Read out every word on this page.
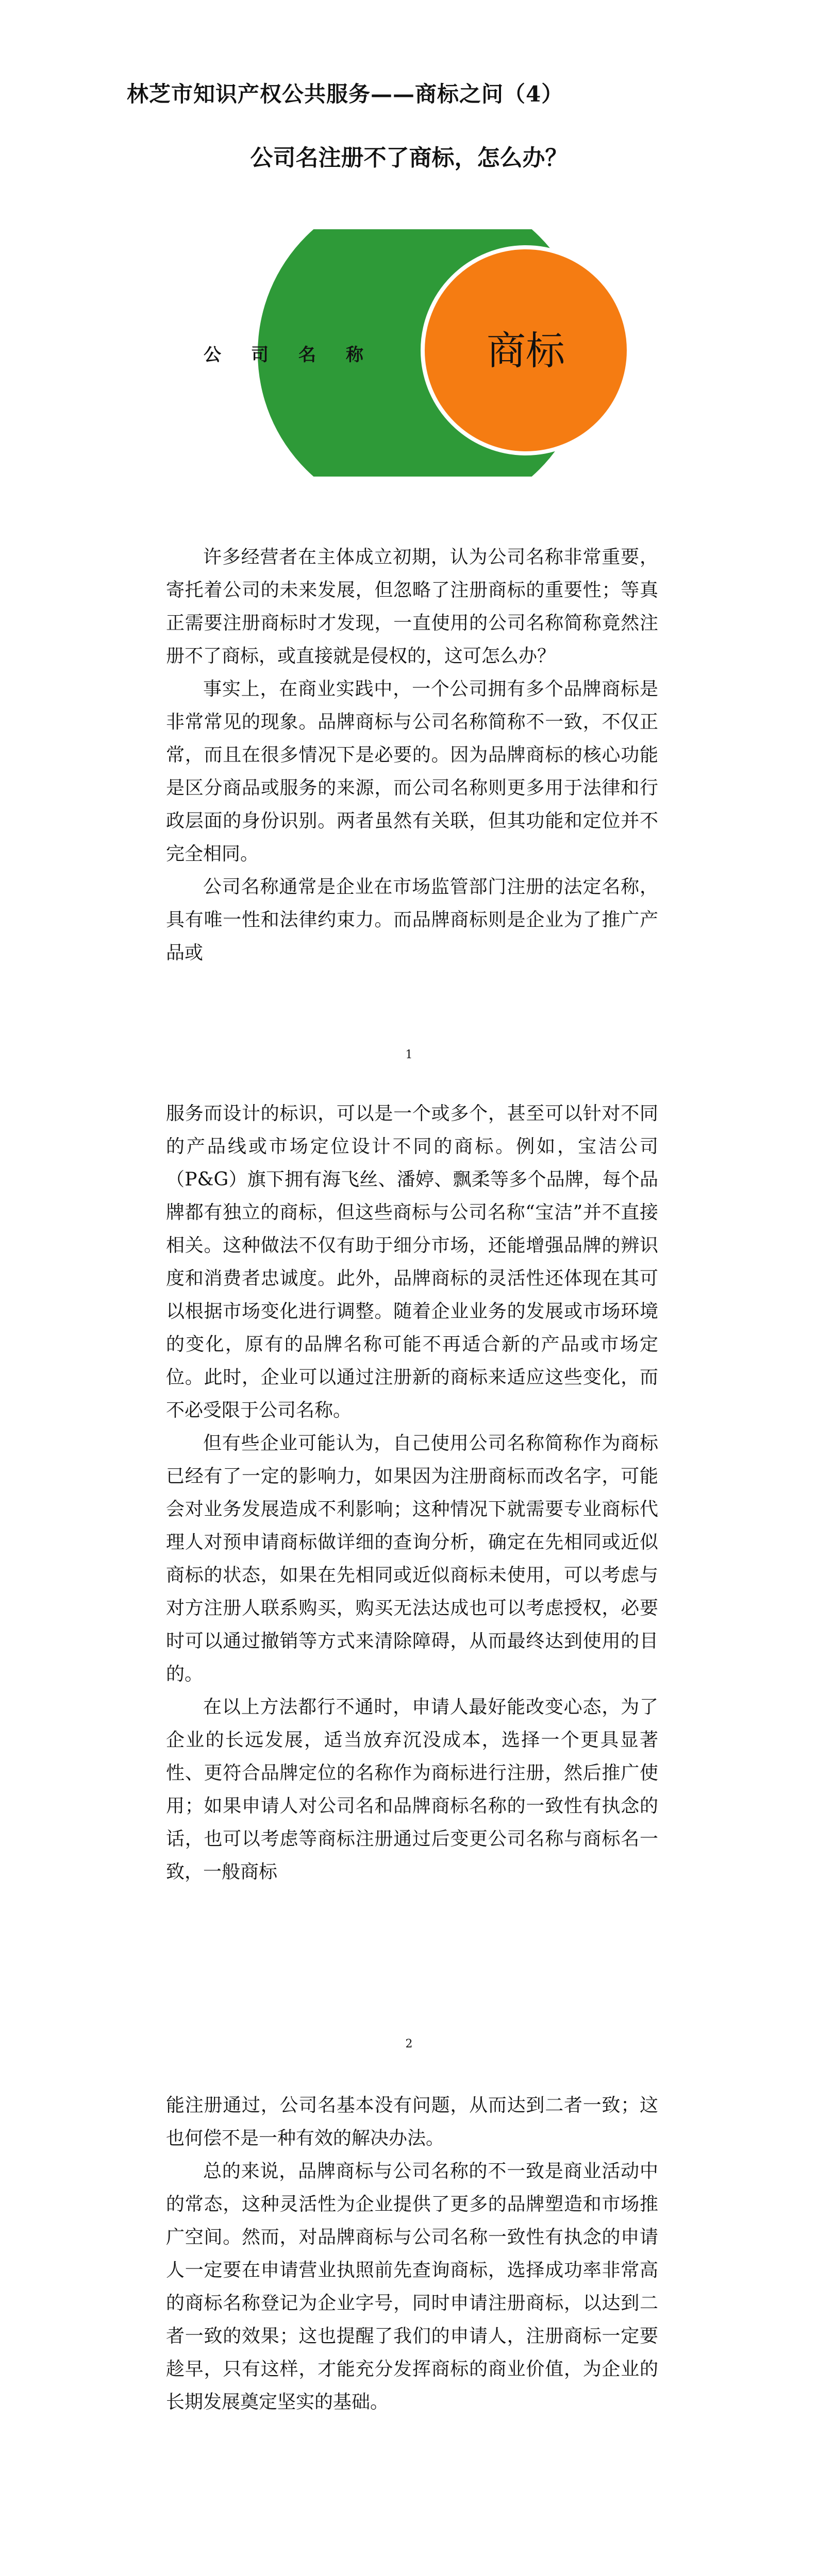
林芝市知识产权公共服务——商标之问（4）
公司名注册不了商标，怎么办？
商标
公 司 名 称

许多经营者在主体成立初期，认为公司名称非常重要，寄托着公司的未来发展，但忽略了注册商标的重要性；等真正需要注册商标时才发现，一直使用的公司名称简称竟然注册不了商标，或直接就是侵权的，这可怎么办？

事实上，在商业实践中，一个公司拥有多个品牌商标是非常常见的现象。品牌商标与公司名称简称不一致，不仅正常，而且在很多情况下是必要的。因为品牌商标的核心功能是区分商品或服务的来源，而公司名称则更多用于法律和行政层面的身份识别。两者虽然有关联，但其功能和定位并不完全相同。

公司名称通常是企业在市场监管部门注册的法定名称，具有唯一性和法律约束力。而品牌商标则是企业为了推广产品或

1

服务而设计的标识，可以是一个或多个，甚至可以针对不同的产品线或市场定位设计不同的商标。例如，宝洁公司（P&G）旗下拥有海飞丝、潘婷、飘柔等多个品牌，每个品牌都有独立的商标，但这些商标与公司名称“宝洁”并不直接相关。这种做法不仅有助于细分市场，还能增强品牌的辨识度和消费者忠诚度。此外，品牌商标的灵活性还体现在其可以根据市场变化进行调整。随着企业业务的发展或市场环境的变化，原有的品牌名称可能不再适合新的产品或市场定位。此时，企业可以通过注册新的商标来适应这些变化，而不必受限于公司名称。

但有些企业可能认为，自己使用公司名称简称作为商标已经有了一定的影响力，如果因为注册商标而改名字，可能会对业务发展造成不利影响；这种情况下就需要专业商标代理人对预申请商标做详细的查询分析，确定在先相同或近似商标的状态，如果在先相同或近似商标未使用，可以考虑与对方注册人联系购买，购买无法达成也可以考虑授权，必要时可以通过撤销等方式来清除障碍，从而最终达到使用的目的。

在以上方法都行不通时，申请人最好能改变心态，为了企业的长远发展，适当放弃沉没成本，选择一个更具显著性、更符合品牌定位的名称作为商标进行注册，然后推广使用；如果申请人对公司名和品牌商标名称的一致性有执念的话，也可以考虑等商标注册通过后变更公司名称与商标名一致，一般商标

2

能注册通过，公司名基本没有问题，从而达到二者一致；这也何偿不是一种有效的解决办法。

总的来说，品牌商标与公司名称的不一致是商业活动中的常态，这种灵活性为企业提供了更多的品牌塑造和市场推广空间。然而，对品牌商标与公司名称一致性有执念的申请人一定要在申请营业执照前先查询商标，选择成功率非常高的商标名称登记为企业字号，同时申请注册商标，以达到二者一致的效果；这也提醒了我们的申请人，注册商标一定要趁早，只有这样，才能充分发挥商标的商业价值，为企业的长期发展奠定坚实的基础。
